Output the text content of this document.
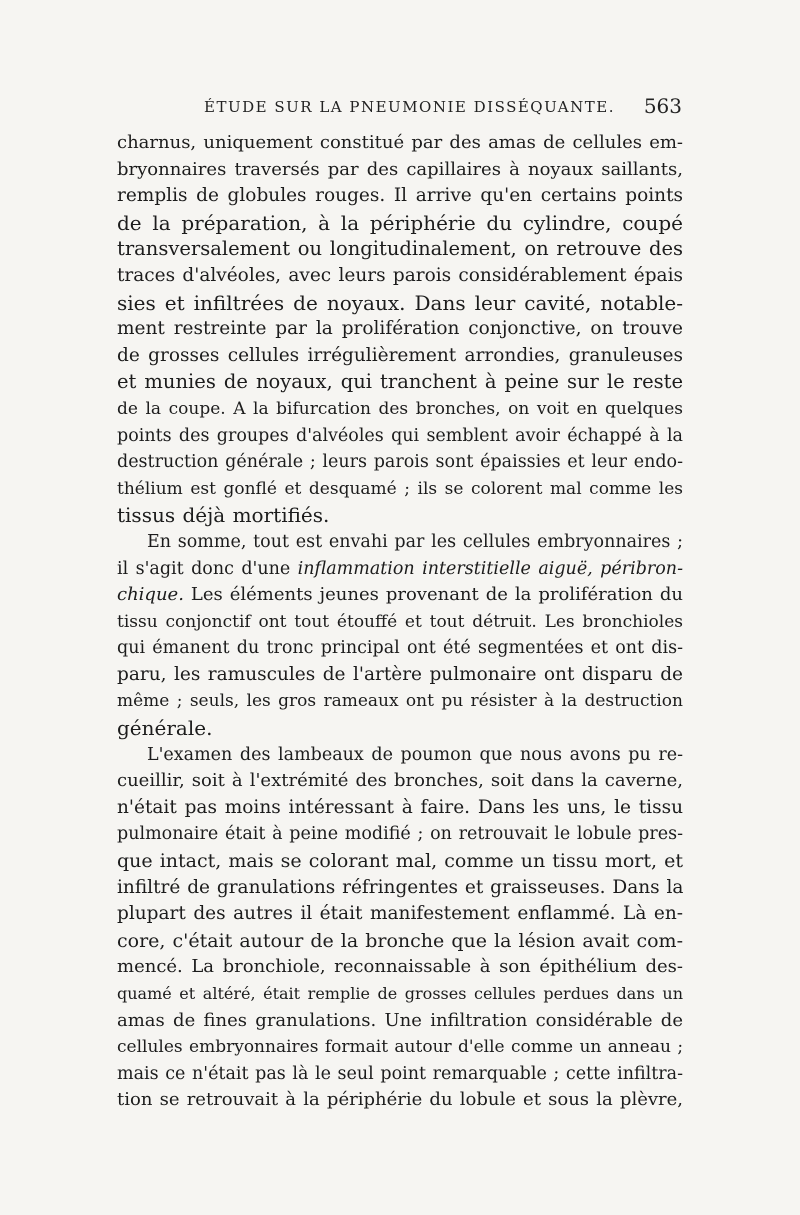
ÉTUDE SUR LA PNEUMONIE DISSÉQUANTE. 563

charnus, uniquement constitué par des amas de cellules em-
bryonnaires traversés par des capillaires à noyaux saillants,
remplis de globules rouges. Il arrive qu'en certains points
de la préparation, à la périphérie du cylindre, coupé
transversalement ou longitudinalement, on retrouve des
traces d'alvéoles, avec leurs parois considérablement épais
sies et infiltrées de noyaux. Dans leur cavité, notable-
ment restreinte par la prolifération conjonctive, on trouve
de grosses cellules irrégulièrement arrondies, granuleuses
et munies de noyaux, qui tranchent à peine sur le reste
de la coupe. A la bifurcation des bronches, on voit en quelques
points des groupes d'alvéoles qui semblent avoir échappé à la
destruction générale ; leurs parois sont épaissies et leur endo-
thélium est gonflé et desquamé ; ils se colorent mal comme les
tissus déjà mortifiés.

En somme, tout est envahi par les cellules embryonnaires ;
il s'agit donc d'une inflammation interstitielle aiguë, péribron-
chique. Les éléments jeunes provenant de la prolifération du
tissu conjonctif ont tout étouffé et tout détruit. Les bronchioles
qui émanent du tronc principal ont été segmentées et ont dis-
paru, les ramuscules de l'artère pulmonaire ont disparu de
même ; seuls, les gros rameaux ont pu résister à la destruction
générale.

L'examen des lambeaux de poumon que nous avons pu re-
cueillir, soit à l'extrémité des bronches, soit dans la caverne,
n'était pas moins intéressant à faire. Dans les uns, le tissu
pulmonaire était à peine modifié ; on retrouvait le lobule pres-
que intact, mais se colorant mal, comme un tissu mort, et
infiltré de granulations réfringentes et graisseuses. Dans la
plupart des autres il était manifestement enflammé. Là en-
core, c'était autour de la bronche que la lésion avait com-
mencé. La bronchiole, reconnaissable à son épithélium des-
quamé et altéré, était remplie de grosses cellules perdues dans un
amas de fines granulations. Une infiltration considérable de
cellules embryonnaires formait autour d'elle comme un anneau ;
mais ce n'était pas là le seul point remarquable ; cette infiltra-
tion se retrouvait à la périphérie du lobule et sous la plèvre,
